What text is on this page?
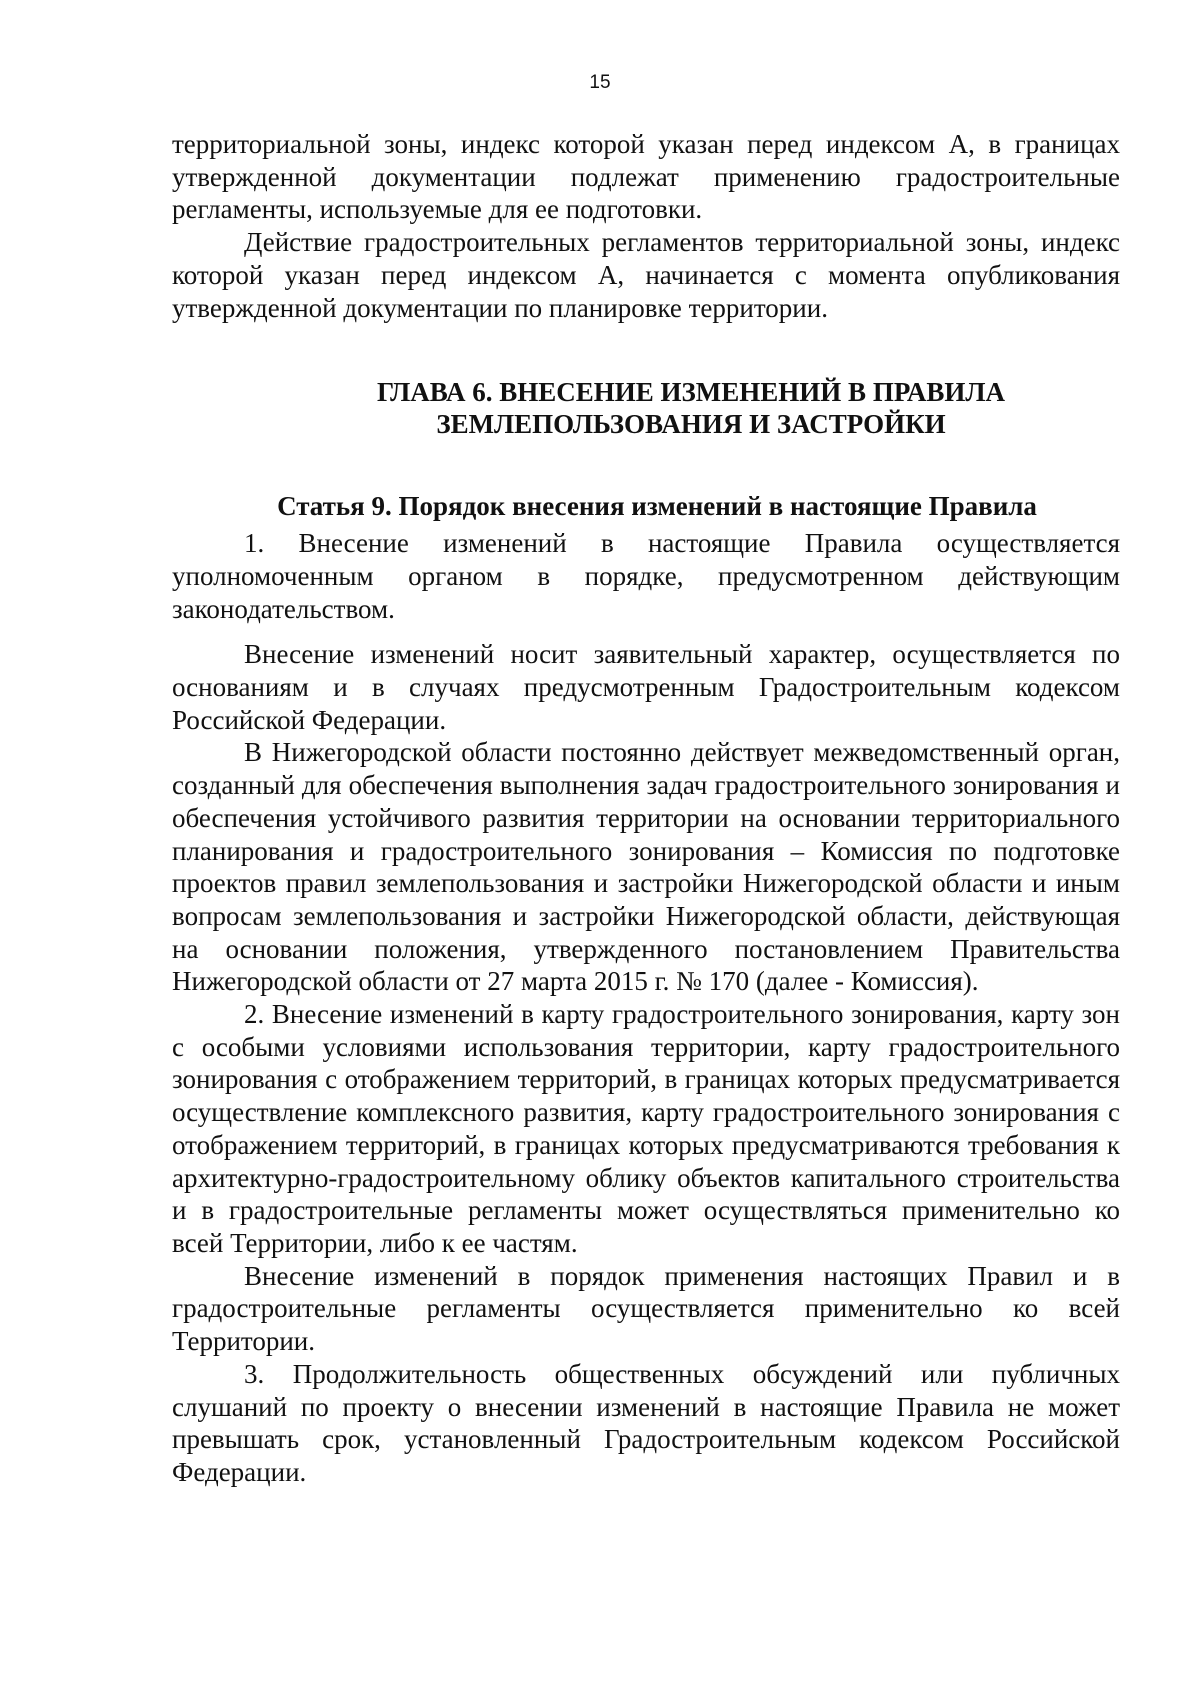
15

территориальной зоны, индекс которой указан перед индексом А, в границах утвержденной документации подлежат применению градостроительные регламенты, используемые для ее подготовки.

Действие градостроительных регламентов территориальной зоны, индекс которой указан перед индексом А, начинается с момента опубликования утвержденной документации по планировке территории.

ГЛАВА 6. ВНЕСЕНИЕ ИЗМЕНЕНИЙ В ПРАВИЛА
ЗЕМЛЕПОЛЬЗОВАНИЯ И ЗАСТРОЙКИ
Статья 9. Порядок внесения изменений в настоящие Правила

1. Внесение изменений в настоящие Правила осуществляется уполномоченным органом в порядке, предусмотренном действующим законодательством.

Внесение изменений носит заявительный характер, осуществляется по основаниям и в случаях предусмотренным Градостроительным кодексом Российской Федерации.

В Нижегородской области постоянно действует межведомственный орган, созданный для обеспечения выполнения задач градостроительного зонирования и обеспечения устойчивого развития территории на основании территориального планирования и градостроительного зонирования – Комиссия по подготовке проектов правил землепользования и застройки Нижегородской области и иным вопросам землепользования и застройки Нижегородской области, действующая на основании положения, утвержденного постановлением Правительства Нижегородской области от 27 марта 2015 г. № 170 (далее - Комиссия).

2. Внесение изменений в карту градостроительного зонирования, карту зон с особыми условиями использования территории, карту градостроительного зонирования с отображением территорий, в границах которых предусматривается осуществление комплексного развития, карту градостроительного зонирования с отображением территорий, в границах которых предусматриваются требования к архитектурно-градостроительному облику объектов капитального строительства и в градостроительные регламенты может осуществляться применительно ко всей Территории, либо к ее частям.

Внесение изменений в порядок применения настоящих Правил и в градостроительные регламенты осуществляется применительно ко всей Территории.

3. Продолжительность общественных обсуждений или публичных слушаний по проекту о внесении изменений в настоящие Правила не может превышать срок, установленный Градостроительным кодексом Российской Федерации.
